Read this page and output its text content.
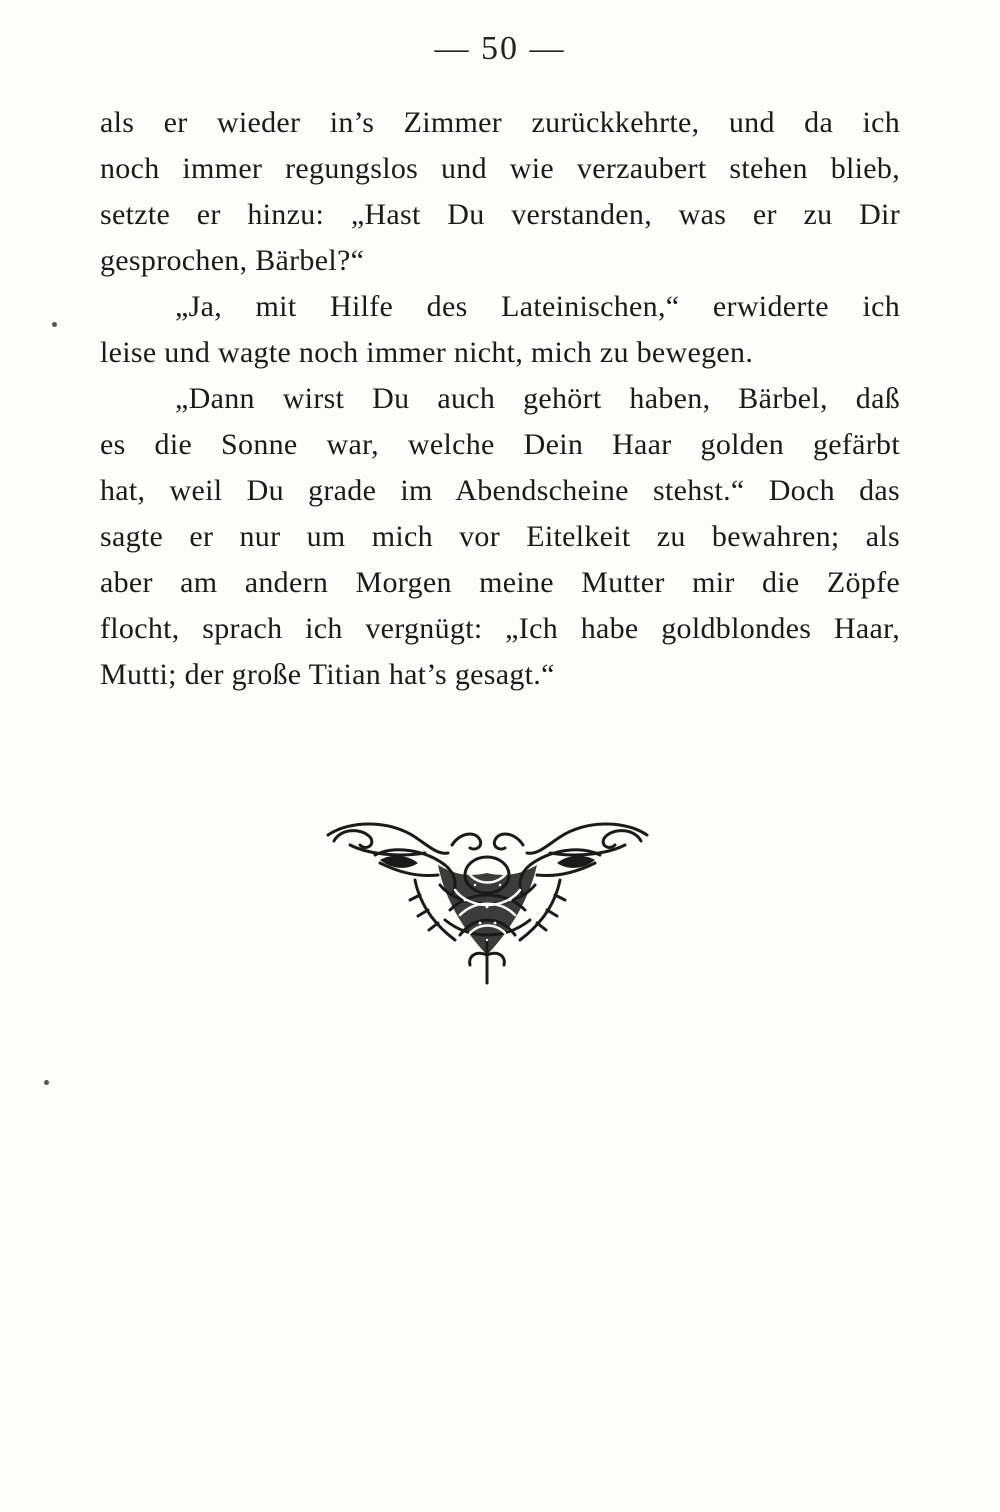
— 50 —
als er wieder in’s Zimmer zurückkehrte, und da ich
noch immer regungslos und wie verzaubert stehen blieb,
setzte er hinzu: „Hast Du verstanden, was er zu Dir
gesprochen, Bärbel?“
„Ja, mit Hilfe des Lateinischen,“ erwiderte ich
leise und wagte noch immer nicht, mich zu bewegen.
„Dann wirst Du auch gehört haben, Bärbel, daß
es die Sonne war, welche Dein Haar golden gefärbt
hat, weil Du grade im Abendscheine stehst.“ Doch das
sagte er nur um mich vor Eitelkeit zu bewahren; als
aber am andern Morgen meine Mutter mir die Zöpfe
flocht, sprach ich vergnügt: „Ich habe goldblondes Haar,
Mutti; der große Titian hat’s gesagt.“
